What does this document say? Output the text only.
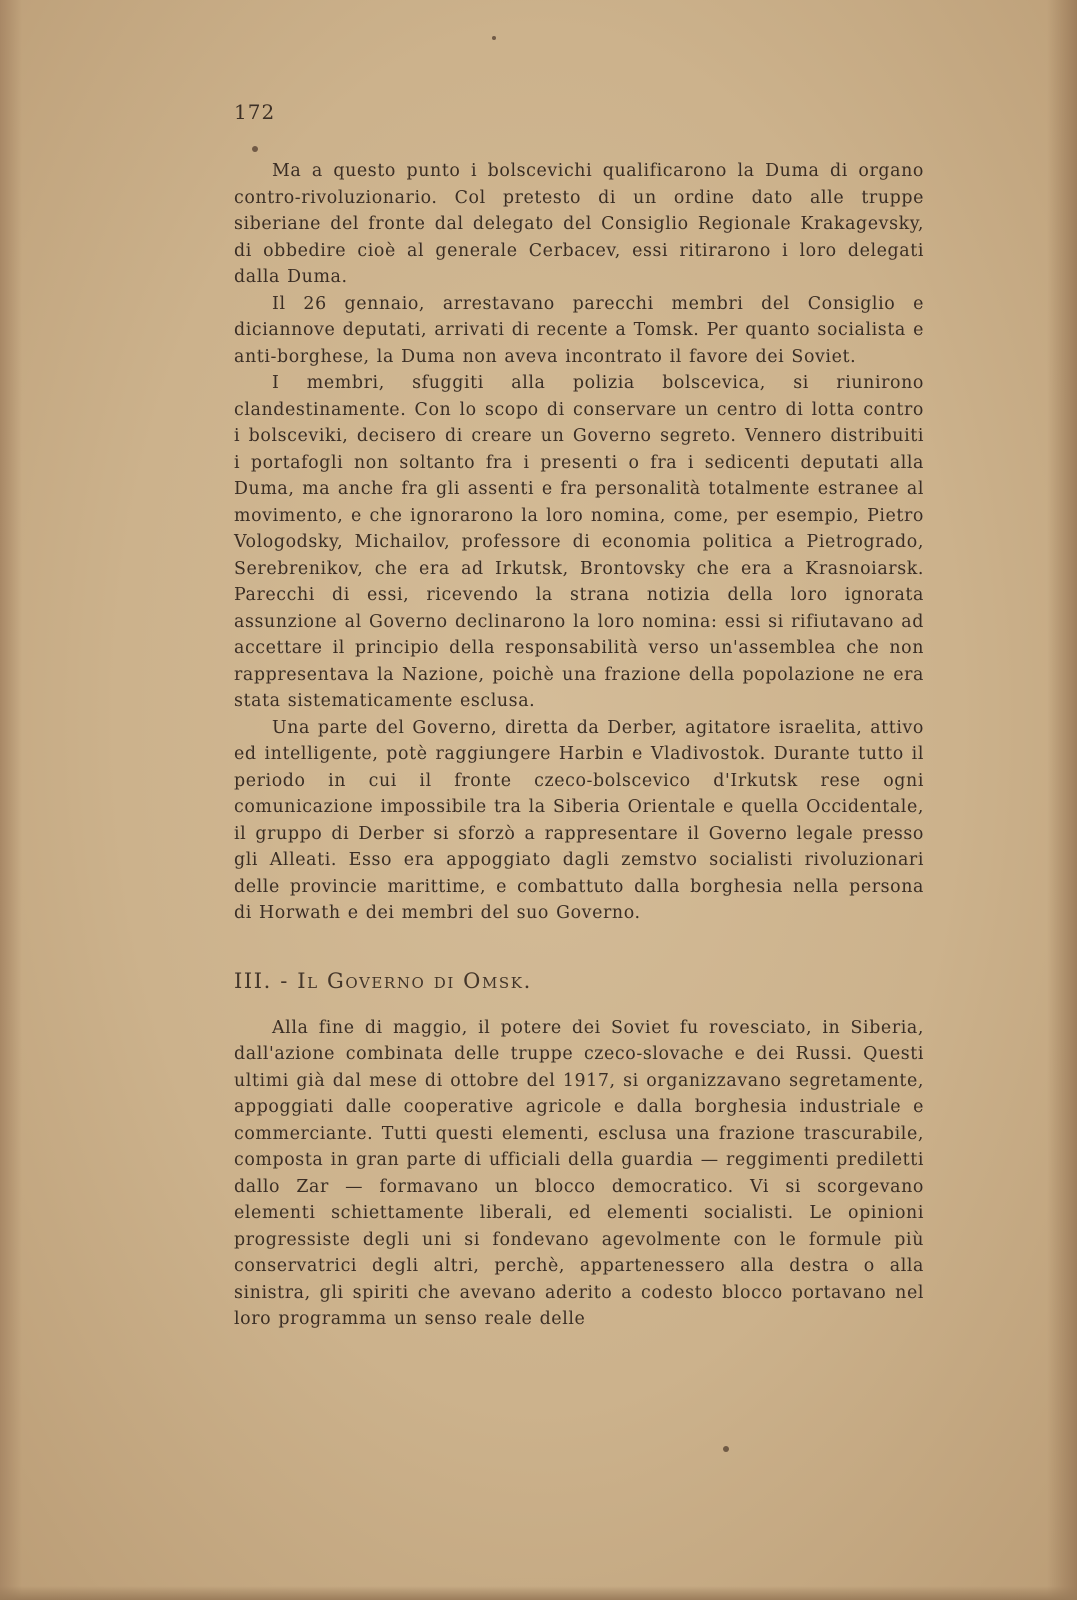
172

Ma a questo punto i bolscevichi qualificarono la Duma di organo contro-rivoluzionario. Col pretesto di un ordine dato alle truppe siberiane del fronte dal delegato del Consiglio Regionale Krakagevsky, di obbedire cioè al generale Cerbacev, essi ritirarono i loro delegati dalla Duma.

Il 26 gennaio, arrestavano parecchi membri del Consiglio e diciannove deputati, arrivati di recente a Tomsk. Per quanto socialista e anti-borghese, la Duma non aveva incontrato il favore dei Soviet.

I membri, sfuggiti alla polizia bolscevica, si riunirono clandestinamente. Con lo scopo di conservare un centro di lotta contro i bolsceviki, decisero di creare un Governo segreto. Vennero distribuiti i portafogli non soltanto fra i presenti o fra i sedicenti deputati alla Duma, ma anche fra gli assenti e fra personalità totalmente estranee al movimento, e che ignorarono la loro nomina, come, per esempio, Pietro Vologodsky, Michailov, professore di economia politica a Pietrogrado, Serebrenikov, che era ad Irkutsk, Brontovsky che era a Krasnoiarsk. Parecchi di essi, ricevendo la strana notizia della loro ignorata assunzione al Governo declinarono la loro nomina: essi si rifiutavano ad accettare il principio della responsabilità verso un'assemblea che non rappresentava la Nazione, poichè una frazione della popolazione ne era stata sistematicamente esclusa.

Una parte del Governo, diretta da Derber, agitatore israelita, attivo ed intelligente, potè raggiungere Harbin e Vladivostok. Durante tutto il periodo in cui il fronte czeco-bolscevico d'Irkutsk rese ogni comunicazione impossibile tra la Siberia Orientale e quella Occidentale, il gruppo di Derber si sforzò a rappresentare il Governo legale presso gli Alleati. Esso era appoggiato dagli zemstvo socialisti rivoluzionari delle provincie marittime, e combattuto dalla borghesia nella persona di Horwath e dei membri del suo Governo.

III. - Il Governo di Omsk.

Alla fine di maggio, il potere dei Soviet fu rovesciato, in Siberia, dall'azione combinata delle truppe czeco-slovache e dei Russi. Questi ultimi già dal mese di ottobre del 1917, si organizzavano segretamente, appoggiati dalle cooperative agricole e dalla borghesia industriale e commerciante. Tutti questi elementi, esclusa una frazione trascurabile, composta in gran parte di ufficiali della guardia — reggimenti prediletti dallo Zar — formavano un blocco democratico. Vi si scorgevano elementi schiettamente liberali, ed elementi socialisti. Le opinioni progressiste degli uni si fondevano agevolmente con le formule più conservatrici degli altri, perchè, appartenessero alla destra o alla sinistra, gli spiriti che avevano aderito a codesto blocco portavano nel loro programma un senso reale delle
